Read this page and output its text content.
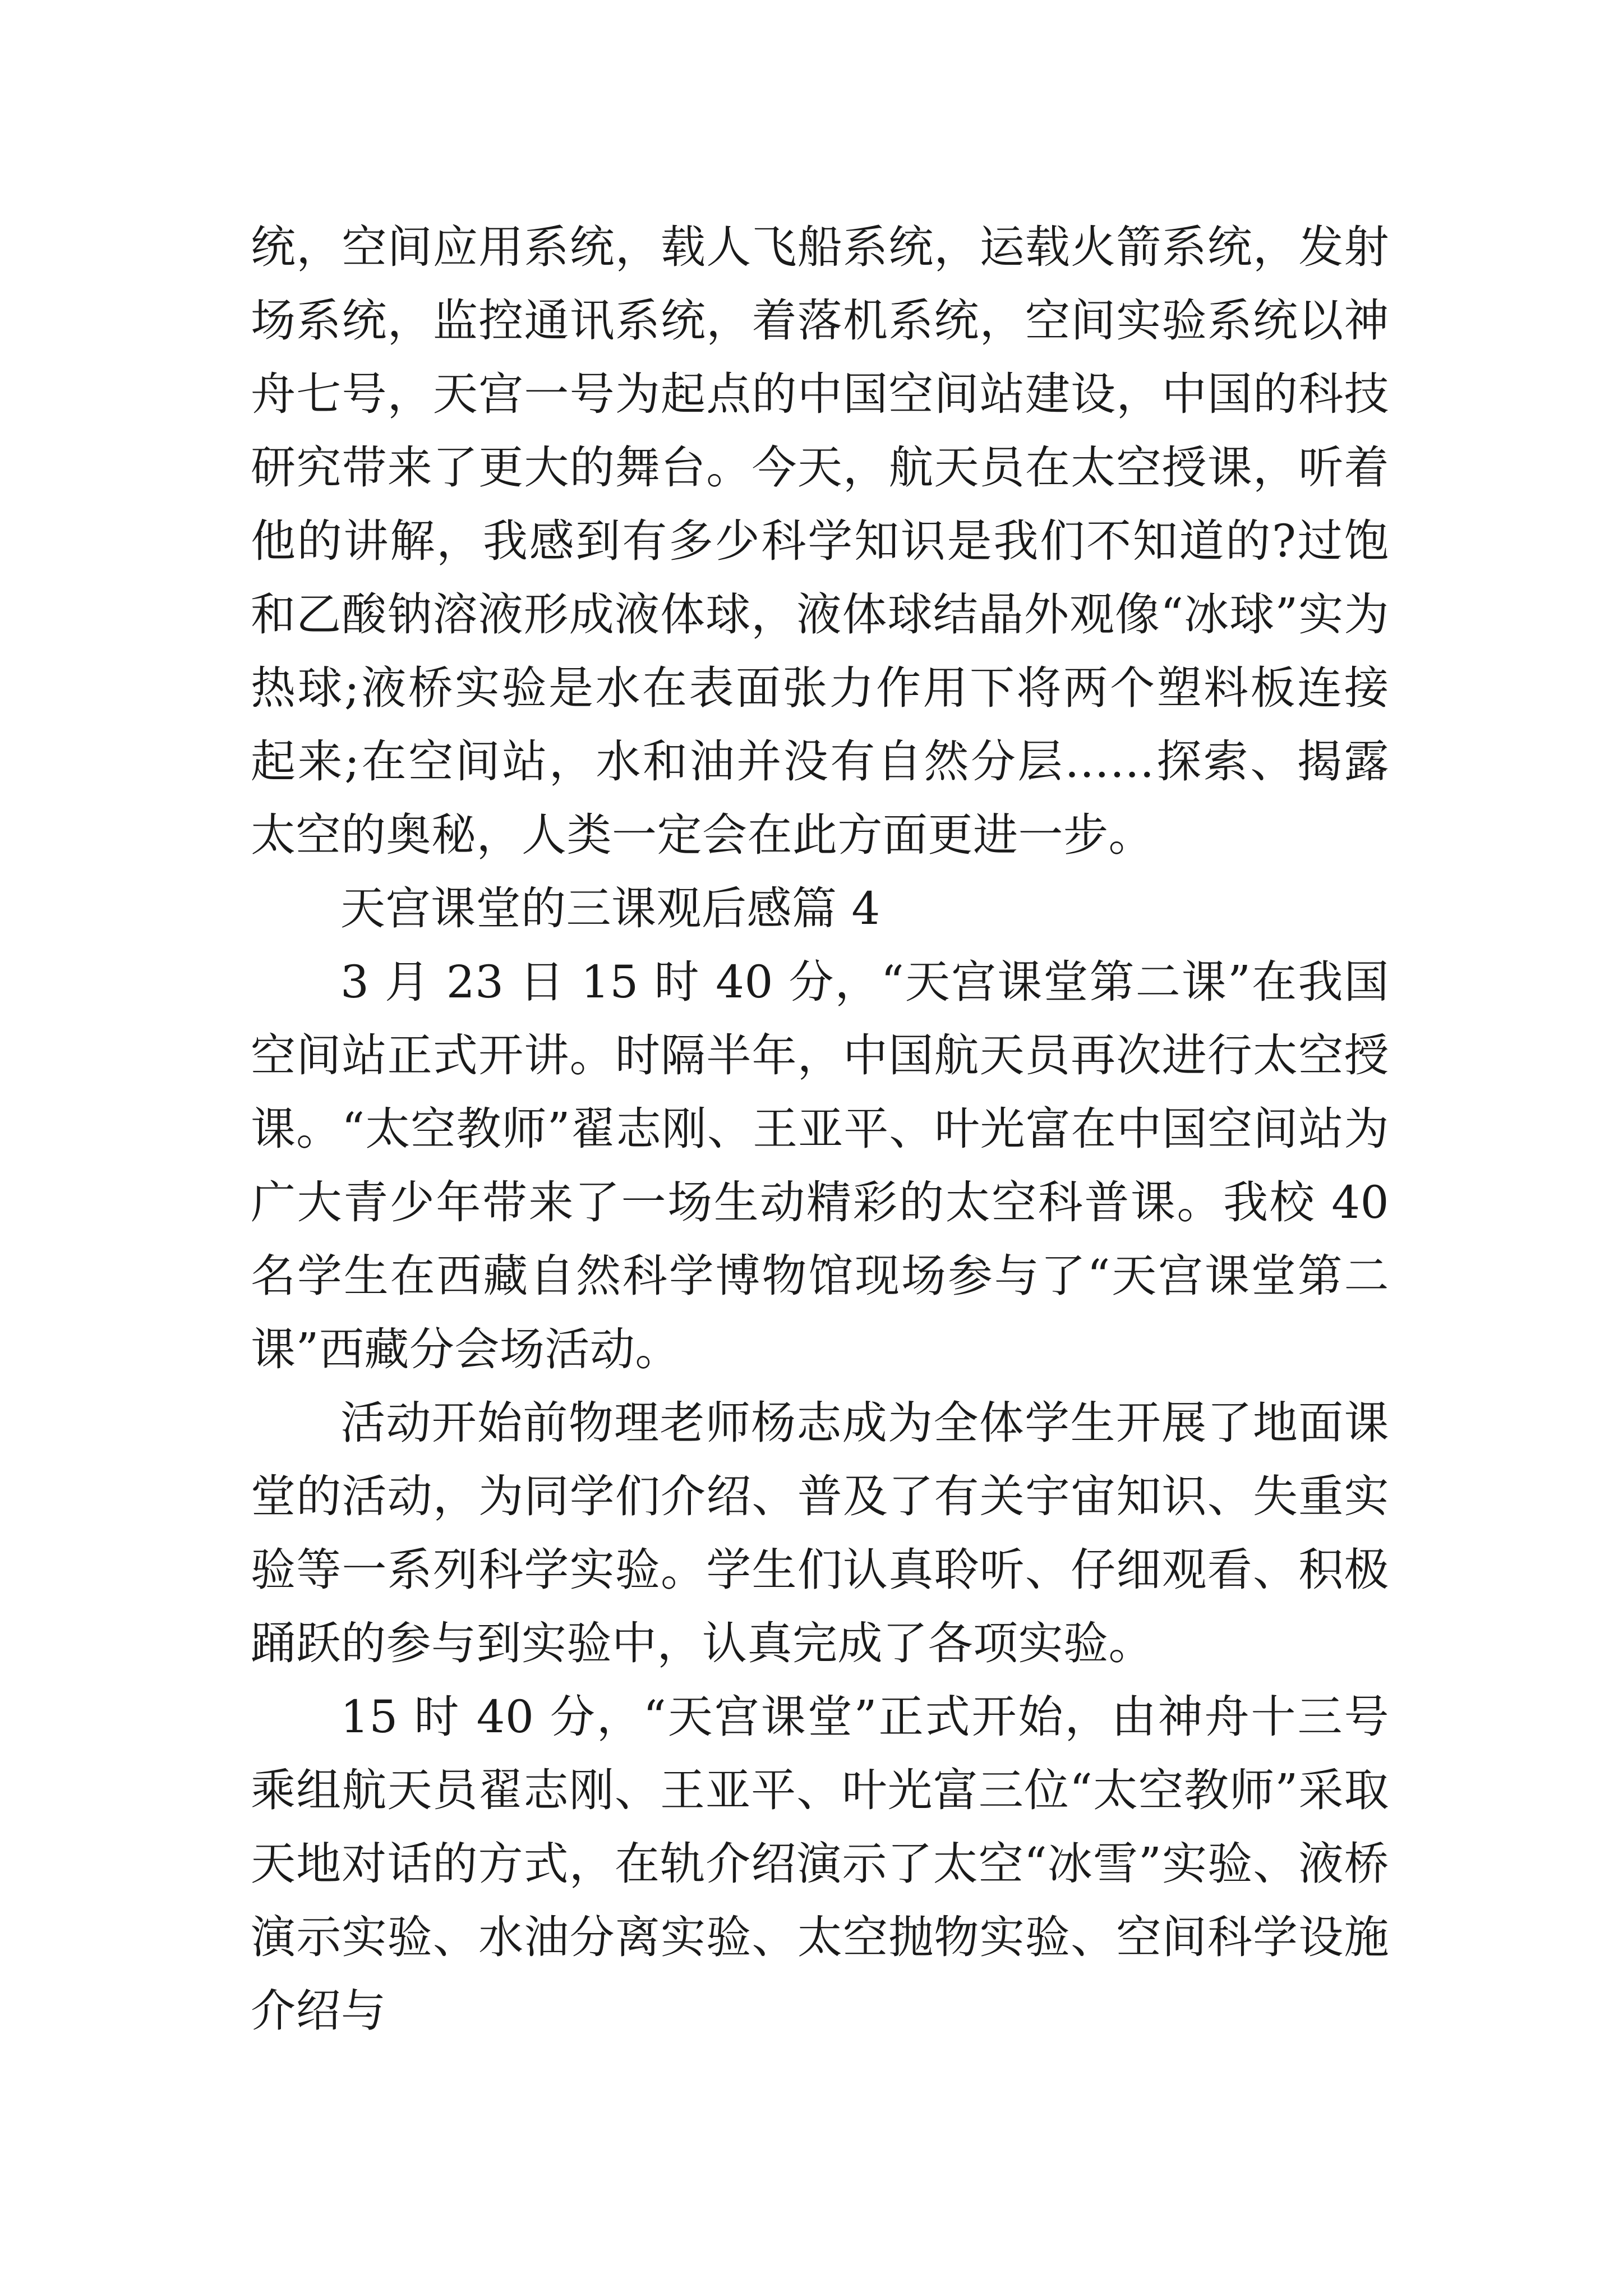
统，空间应用系统，载人飞船系统，运载火箭系统，发射场系统，监控通讯系统，着落机系统，空间实验系统以神舟七号，天宫一号为起点的中国空间站建设，中国的科技研究带来了更大的舞台。今天，航天员在太空授课，听着他的讲解，我感到有多少科学知识是我们不知道的?过饱和乙酸钠溶液形成液体球，液体球结晶外观像“冰球”实为热球;液桥实验是水在表面张力作用下将两个塑料板连接起来;在空间站，水和油并没有自然分层……探索、揭露太空的奥秘，人类一定会在此方面更进一步。

天宫课堂的三课观后感篇 4

3 月 23 日 15 时 40 分，“天宫课堂第二课”在我国空间站正式开讲。时隔半年，中国航天员再次进行太空授课。“太空教师”翟志刚、王亚平、叶光富在中国空间站为广大青少年带来了一场生动精彩的太空科普课。我校 40 名学生在西藏自然科学博物馆现场参与了“天宫课堂第二课”西藏分会场活动。

活动开始前物理老师杨志成为全体学生开展了地面课堂的活动，为同学们介绍、普及了有关宇宙知识、失重实验等一系列科学实验。学生们认真聆听、仔细观看、积极踊跃的参与到实验中，认真完成了各项实验。

15 时 40 分，“天宫课堂”正式开始，由神舟十三号乘组航天员翟志刚、王亚平、叶光富三位“太空教师”采取天地对话的方式，在轨介绍演示了太空“冰雪”实验、液桥演示实验、水油分离实验、太空抛物实验、空间科学设施介绍与
